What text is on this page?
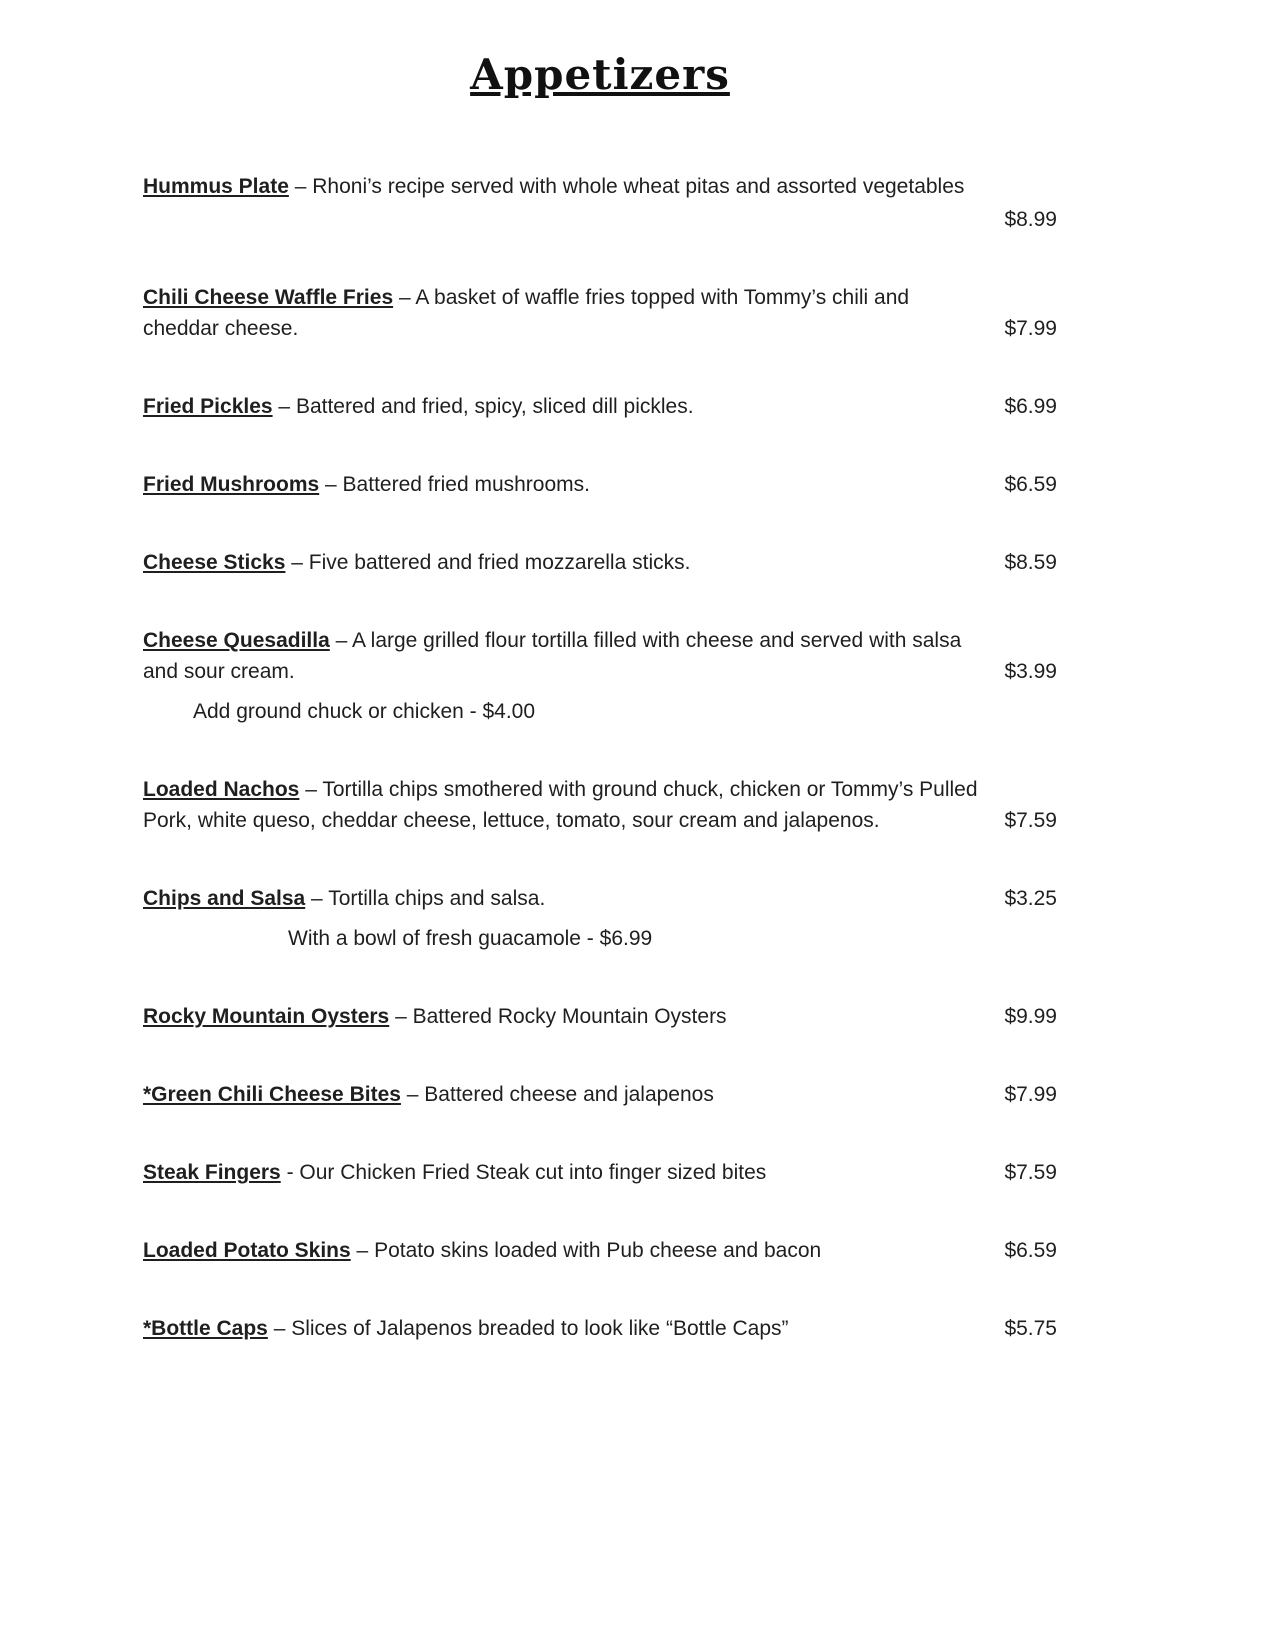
Appetizers
Hummus Plate – Rhoni’s recipe served with whole wheat pitas and assorted vegetables
$8.99
Chili Cheese Waffle Fries – A basket of waffle fries topped with Tommy’s chili and cheddar cheese.	$7.99
Fried Pickles – Battered and fried, spicy, sliced dill pickles.	$6.99
Fried Mushrooms – Battered fried mushrooms.	$6.59
Cheese Sticks – Five battered and fried mozzarella sticks.	$8.59
Cheese Quesadilla – A large grilled flour tortilla filled with cheese and served with salsa and sour cream.	$3.99
Add ground chuck or chicken - $4.00
Loaded Nachos – Tortilla chips smothered with ground chuck, chicken or Tommy’s Pulled Pork, white queso, cheddar cheese, lettuce, tomato, sour cream and jalapenos.	$7.59
Chips and Salsa – Tortilla chips and salsa.	$3.25
With a bowl of fresh guacamole - $6.99
Rocky Mountain Oysters – Battered Rocky Mountain Oysters	$9.99
*Green Chili Cheese Bites – Battered cheese and jalapenos	$7.99
Steak Fingers - Our Chicken Fried Steak cut into finger sized bites	$7.59
Loaded Potato Skins – Potato skins loaded with Pub cheese and bacon	$6.59
*Bottle Caps – Slices of Jalapenos breaded to look like “Bottle Caps”	$5.75
